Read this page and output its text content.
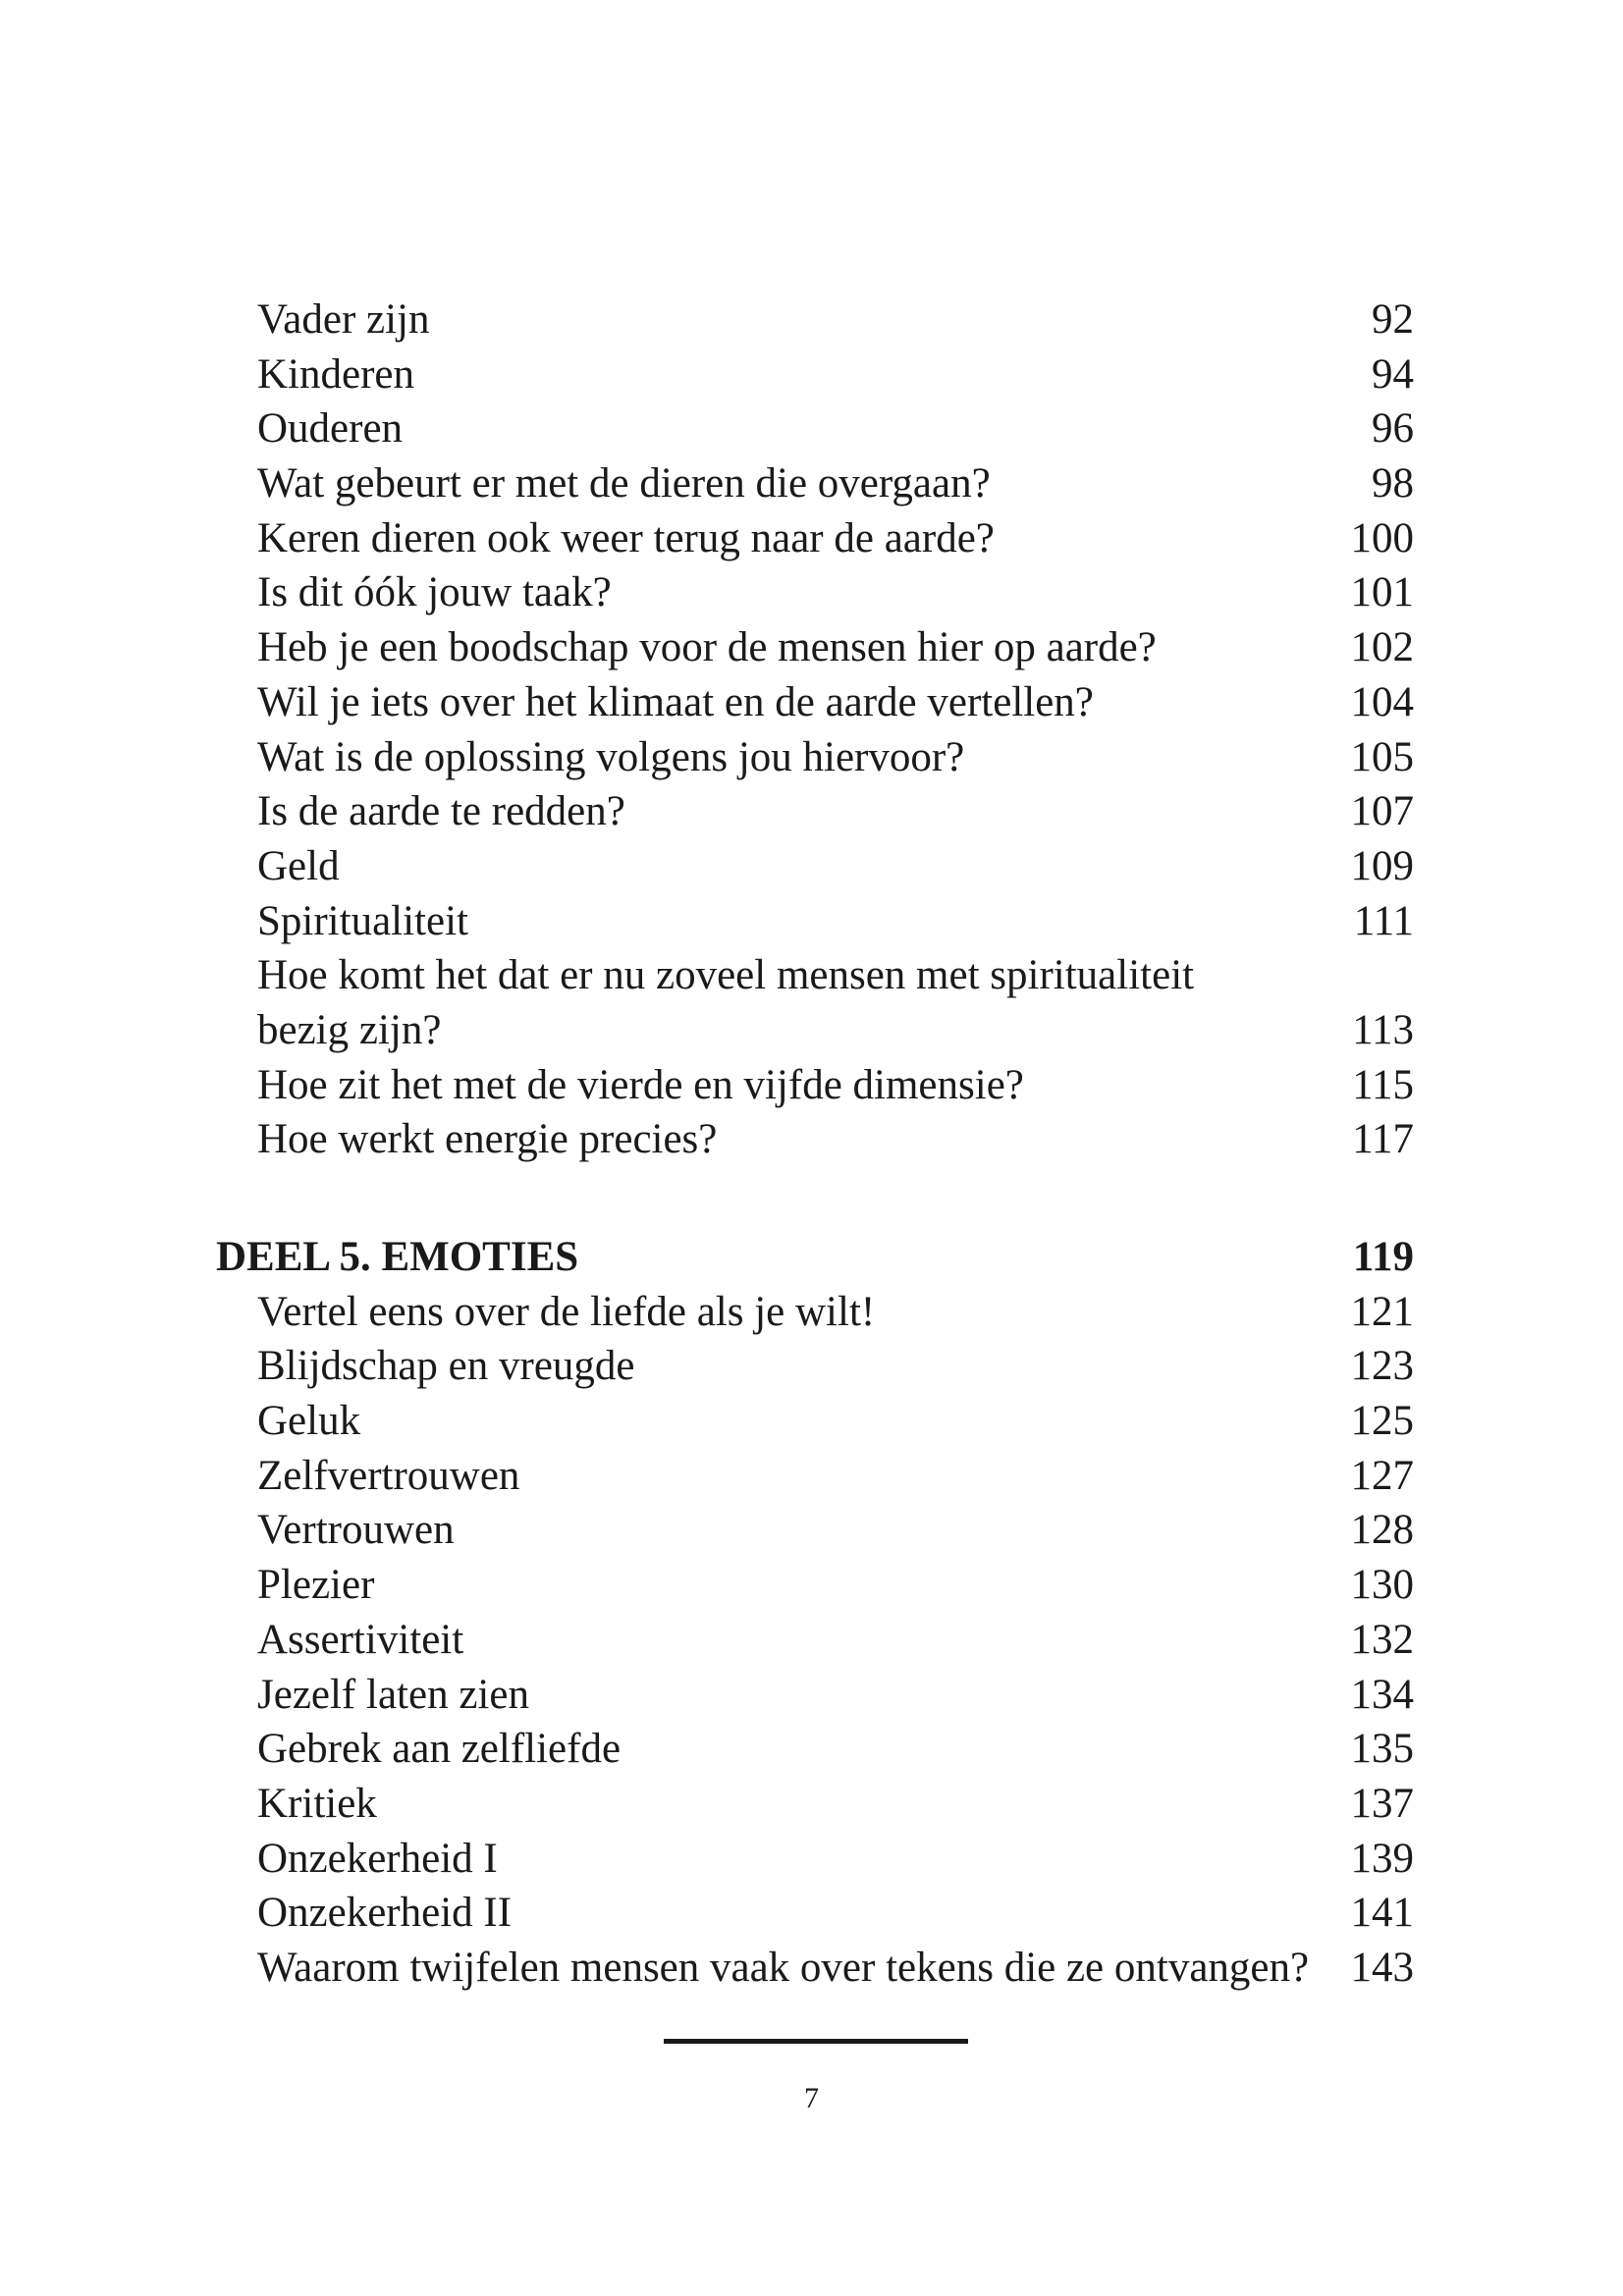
Vader zijn	92
Kinderen	94
Ouderen	96
Wat gebeurt er met de dieren die overgaan?	98
Keren dieren ook weer terug naar de aarde?	100
Is dit óók jouw taak?	101
Heb je een boodschap voor de mensen hier op aarde?	102
Wil je iets over het klimaat en de aarde vertellen?	104
Wat is de oplossing volgens jou hiervoor?	105
Is de aarde te redden?	107
Geld	109
Spiritualiteit	111
Hoe komt het dat er nu zoveel mensen met spiritualiteit
bezig zijn?	113
Hoe zit het met de vierde en vijfde dimensie?	115
Hoe werkt energie precies?	117
DEEL 5. EMOTIES	119
Vertel eens over de liefde als je wilt!	121
Blijdschap en vreugde	123
Geluk	125
Zelfvertrouwen	127
Vertrouwen	128
Plezier	130
Assertiviteit	132
Jezelf laten zien	134
Gebrek aan zelfliefde	135
Kritiek	137
Onzekerheid I	139
Onzekerheid II	141
Waarom twijfelen mensen vaak over tekens die ze ontvangen? 143
7
